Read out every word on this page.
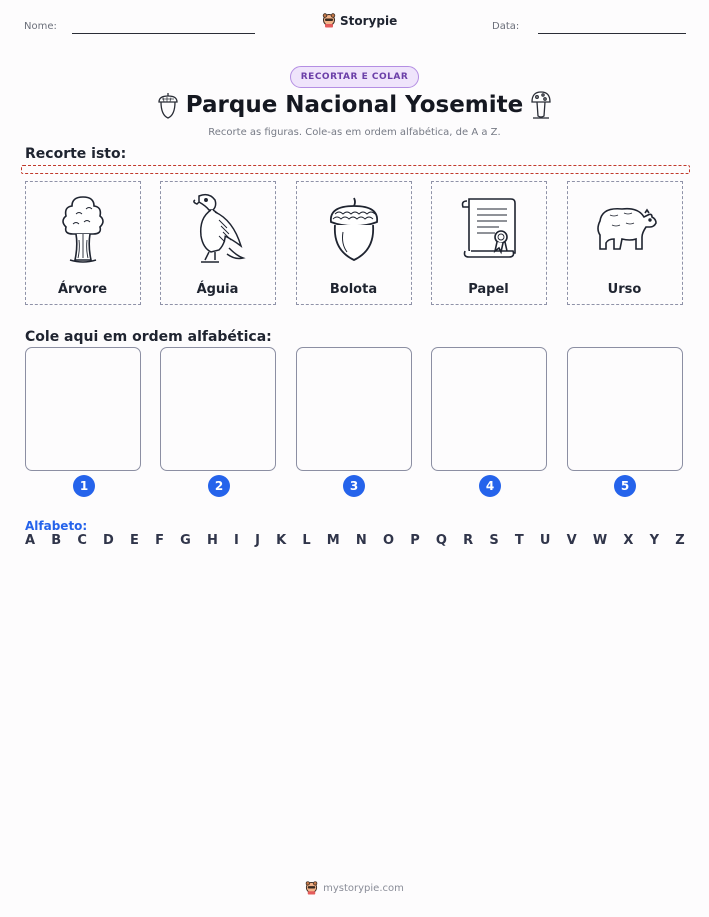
Nome:	Storypie	Data:
RECORTAR E COLAR
Parque Nacional Yosemite
Recorte as figuras. Cole-as em ordem alfabética, de A a Z.
Recorte isto:
Árvore	Águia	Bolota	Papel	Urso
Cole aqui em ordem alfabética:
1	2	3	4	5
Alfabeto:
A B C D E F G H I J K L M N O P Q R S T U V W X Y Z
mystorypie.com
